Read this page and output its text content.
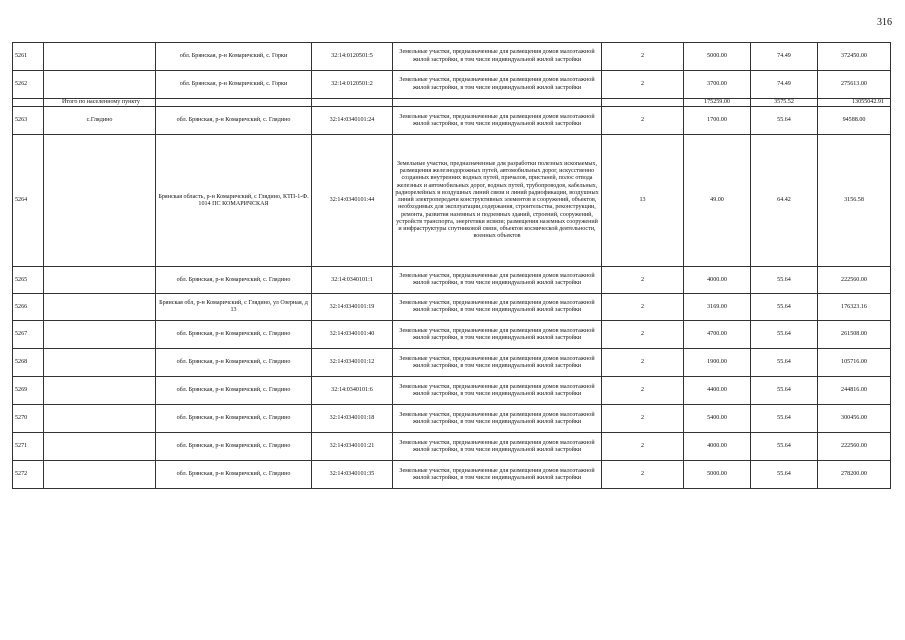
316
5261		обл. Брянская, р-н Комаричский, с. Горки	32:14:0120501:5	Земельные участки, предназначенные для размещения домов малоэтажной жилой застройки, в том числе индивидуальной жилой застройки	2	5000.00	74.49	372450.00
5262		обл. Брянская, р-н Комаричский, с. Горки	32:14:0120501:2	Земельные участки, предназначенные для размещения домов малоэтажной жилой застройки, в том числе индивидуальной жилой застройки	2	3700.00	74.49	275613.00
	Итого по населенному пункту					175259.00	3575.52	13055042.91
5263	с.Глядино	обл. Брянская, р-н Комаричский, с. Глядино	32:14:0340101:24	Земельные участки, предназначенные для размещения домов малоэтажной жилой застройки, в том числе индивидуальной жилой застройки	2	1700.00	55.64	94588.00
5264		Брянская область, р-н Комаричский, с Глядино, КТП-1-Ф. 1014 ПС КОМАРИЧСКАЯ	32:14:0340101:44	Земельные участки, предназначенные для разработки полезных ископаемых, размещения железнодорожных путей, автомобильных дорог, искусственно созданных внутренних водных путей, причалов, пристаней, полос отвода железных и автомобильных дорог, водных путей, трубопроводов, кабельных, радиорелейных и воздушных линий связи и линий радиофикации, воздушных линий электропередачи конструктивных элементов и сооружений, объектов, необходимых для эксплуатации,содержания, строительства, реконструкции, ремонта, развития наземных и подземных зданий, строений, сооружений, устройств транспорта, энергетики исвязи; размещения наземных сооружений и инфраструктуры спутниковой связи, объектов космической деятельности, военных объектов	13	49.00	64.42	3156.58
5265		обл. Брянская, р-н Комаричский, с. Глядино	32:14:0340101:1	Земельные участки, предназначенные для размещения домов малоэтажной жилой застройки, в том числе индивидуальной жилой застройки	2	4000.00	55.64	222560.00
5266		Брянская обл, р-н Комаричский, с Глядино, ул Озерная, д 13	32:14:0340101:19	Земельные участки, предназначенные для размещения домов малоэтажной жилой застройки, в том числе индивидуальной жилой застройки	2	3169.00	55.64	176323.16
5267		обл. Брянская, р-н Комаричский, с. Глядино	32:14:0340101:40	Земельные участки, предназначенные для размещения домов малоэтажной жилой застройки, в том числе индивидуальной жилой застройки	2	4700.00	55.64	261508.00
5268		обл. Брянская, р-н Комаричский, с. Глядино	32:14:0340101:12	Земельные участки, предназначенные для размещения домов малоэтажной жилой застройки, в том числе индивидуальной жилой застройки	2	1900.00	55.64	105716.00
5269		обл. Брянская, р-н Комаричский, с. Глядино	32:14:0340101:6	Земельные участки, предназначенные для размещения домов малоэтажной жилой застройки, в том числе индивидуальной жилой застройки	2	4400.00	55.64	244816.00
5270		обл. Брянская, р-н Комаричский, с. Глядино	32:14:0340101:18	Земельные участки, предназначенные для размещения домов малоэтажной жилой застройки, в том числе индивидуальной жилой застройки	2	5400.00	55.64	300456.00
5271		обл. Брянская, р-н Комаричский, с. Глядино	32:14:0340101:21	Земельные участки, предназначенные для размещения домов малоэтажной жилой застройки, в том числе индивидуальной жилой застройки	2	4000.00	55.64	222560.00
5272		обл. Брянская, р-н Комаричский, с. Глядино	32:14:0340101:35	Земельные участки, предназначенные для размещения домов малоэтажной жилой застройки, в том числе индивидуальной жилой застройки	2	5000.00	55.64	278200.00
